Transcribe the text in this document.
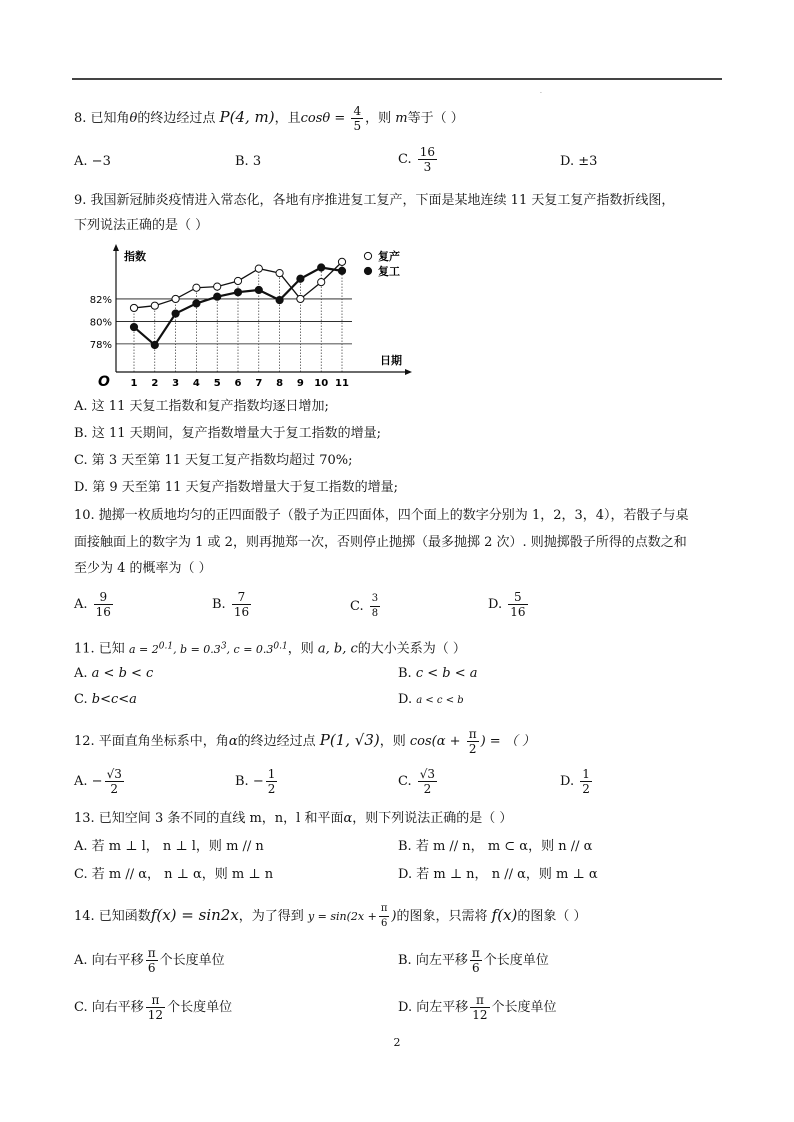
.
8. 已知角θ的终边经过点 P(4, m)，且$\cos\theta = \frac{4}{5}$ ，则 m等于（ ）
A. −3	B. 3	C. $\frac{16}{3}$	D. ±3
9. 我国新冠肺炎疫情进入常态化，各地有序推进复工复产，下面是某地连续 11 天复工复产指数折线图，
下列说法正确的是（ ）
78%
80%
82%
1 2 3 4 5 6 7 8 9 10 11
指数
日期
O
复产
复工
A. 这 11 天复工指数和复产指数均逐日增加;
B. 这 11 天期间，复产指数增量大于复工指数的增量;
C. 第 3 天至第 11 天复工复产指数均超过 70%;
D. 第 9 天至第 11 天复产指数增量大于复工指数的增量;
10. 抛掷一枚质地均匀的正四面骰子（骰子为正四面体，四个面上的数字分别为 1，2，3，4），若骰子与桌
面接触面上的数字为 1 或 2，则再抛郑一次，否则停止抛掷（最多抛掷 2 次）. 则抛掷骰子所得的点数之和
至少为 4 的概率为（ ）
A. $\frac{9}{16}$	B. $\frac{7}{16}$	C. $\frac{3}{8}$	D. $\frac{5}{16}$
11. 已知 $a = 2^{0.1}$, $b = 0.3^3$, $c = 0.3^{0.1}$，则 a, b, c的大小关系为（ ）
A. a < b < c	B. c < b < a
C. b<c<a	D. a < c < b
12. 平面直角坐标系中，角α的终边经过点 P(1, √3)，则 $\cos(\alpha + \frac{\pi}{2}$ ) = （ ）
A. − $\frac{√3}{2}$	B. − $\frac{1}{2}$	C. $\frac{√3}{2}$	D. $\frac{1}{2}$
13. 已知空间 3 条不同的直线 m，n，l 和平面α，则下列说法正确的是（ ）
A. 若 m ⊥ l， n ⊥ l，则 m // n	B. 若 m // n， m ⊂ α，则 n // α
C. 若 m // α， n ⊥ α，则 m ⊥ n	D. 若 m ⊥ n， n // α，则 m ⊥ α
14. 已知函数f(x) = sin2x，为了得到 $y = \sin(2x + \frac{\pi}{6}$ )的图象，只需将 f(x)的图象（ ）
A. 向右平移 $\frac{\pi}{6}$ 个长度单位	B. 向左平移 $\frac{\pi}{6}$ 个长度单位
C. 向右平移 $\frac{\pi}{12}$ 个长度单位	D. 向左平移 $\frac{\pi}{12}$ 个长度单位
2
